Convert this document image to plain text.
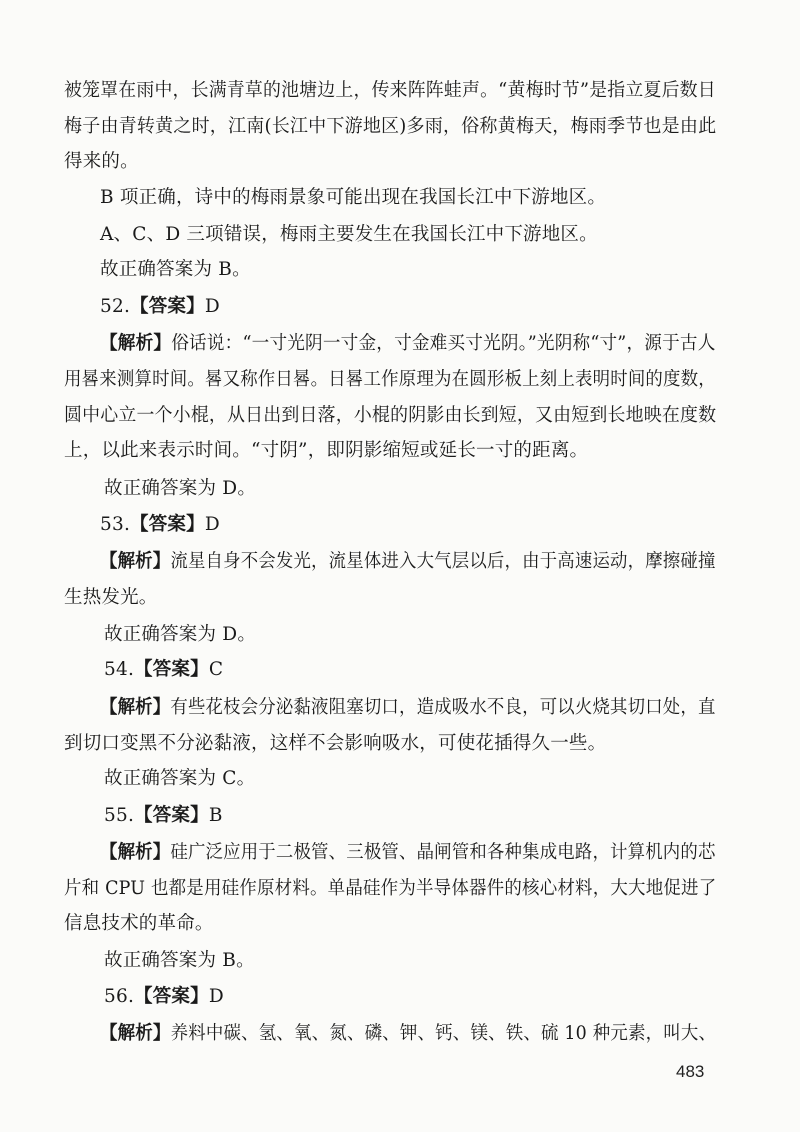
被笼罩在雨中，长满青草的池塘边上，传来阵阵蛙声。“黄梅时节”是指立夏后数日
梅子由青转黄之时，江南(长江中下游地区)多雨，俗称黄梅天，梅雨季节也是由此
得来的。
B 项正确，诗中的梅雨景象可能出现在我国长江中下游地区。
A、C、D 三项错误，梅雨主要发生在我国长江中下游地区。
故正确答案为 B。
52.【答案】D
【解析】俗话说：“一寸光阴一寸金，寸金难买寸光阴。”光阴称“寸”，源于古人
用晷来测算时间。晷又称作日晷。日晷工作原理为在圆形板上刻上表明时间的度数，
圆中心立一个小棍，从日出到日落，小棍的阴影由长到短，又由短到长地映在度数
上，以此来表示时间。“寸阴”，即阴影缩短或延长一寸的距离。
故正确答案为 D。
53.【答案】D
【解析】流星自身不会发光，流星体进入大气层以后，由于高速运动，摩擦碰撞
生热发光。
故正确答案为 D。
54.【答案】C
【解析】有些花枝会分泌黏液阻塞切口，造成吸水不良，可以火烧其切口处，直
到切口变黑不分泌黏液，这样不会影响吸水，可使花插得久一些。
故正确答案为 C。
55.【答案】B
【解析】硅广泛应用于二极管、三极管、晶闸管和各种集成电路，计算机内的芯
片和 CPU 也都是用硅作原材料。单晶硅作为半导体器件的核心材料，大大地促进了
信息技术的革命。
故正确答案为 B。
56.【答案】D
【解析】养料中碳、氢、氧、氮、磷、钾、钙、镁、铁、硫 10 种元素，叫大、
483
